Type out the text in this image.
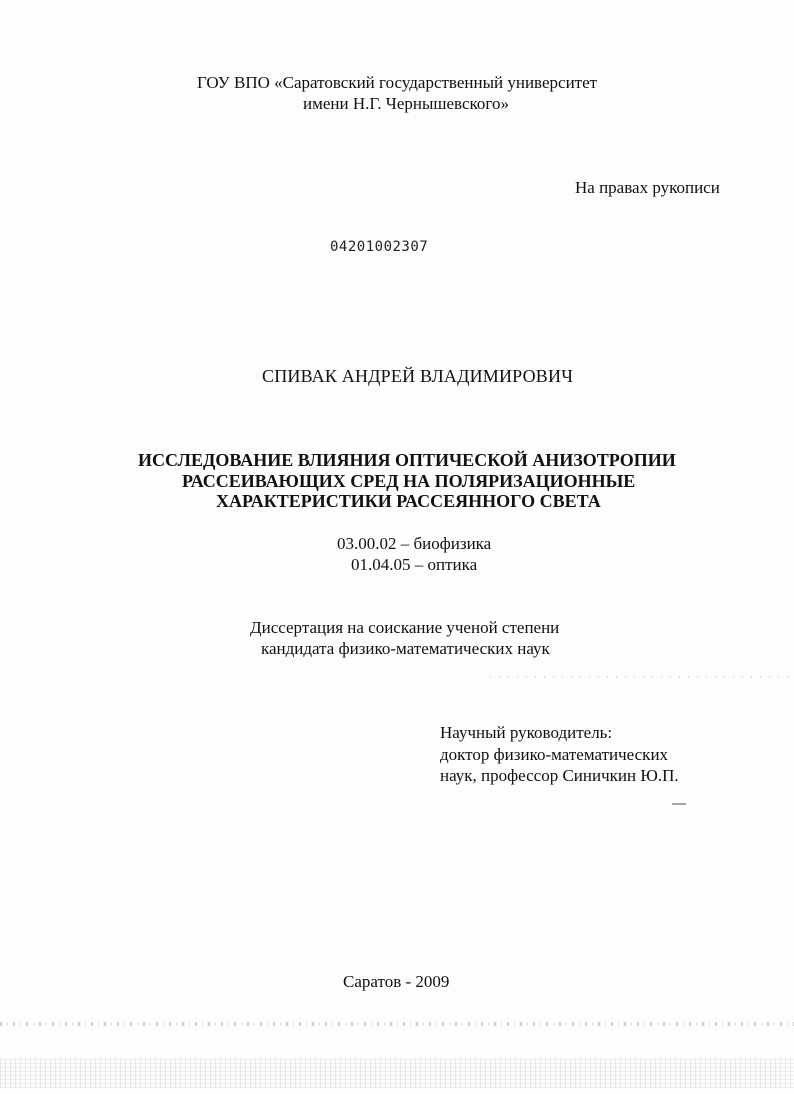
ГОУ ВПО «Саратовский государственный университет
имени Н.Г. Чернышевского»
На правах рукописи
04201002307
СПИВАК АНДРЕЙ ВЛАДИМИРОВИЧ
ИССЛЕДОВАНИЕ ВЛИЯНИЯ ОПТИЧЕСКОЙ АНИЗОТРОПИИ
РАССЕИВАЮЩИХ СРЕД НА ПОЛЯРИЗАЦИОННЫЕ
ХАРАКТЕРИСТИКИ РАССЕЯННОГО СВЕТА
03.00.02 – биофизика
01.04.05 – оптика
Диссертация на соискание ученой степени
кандидата физико-математических наук
Научный руководитель:
доктор физико-математических
наук, профессор Синичкин Ю.П.
Саратов - 2009
